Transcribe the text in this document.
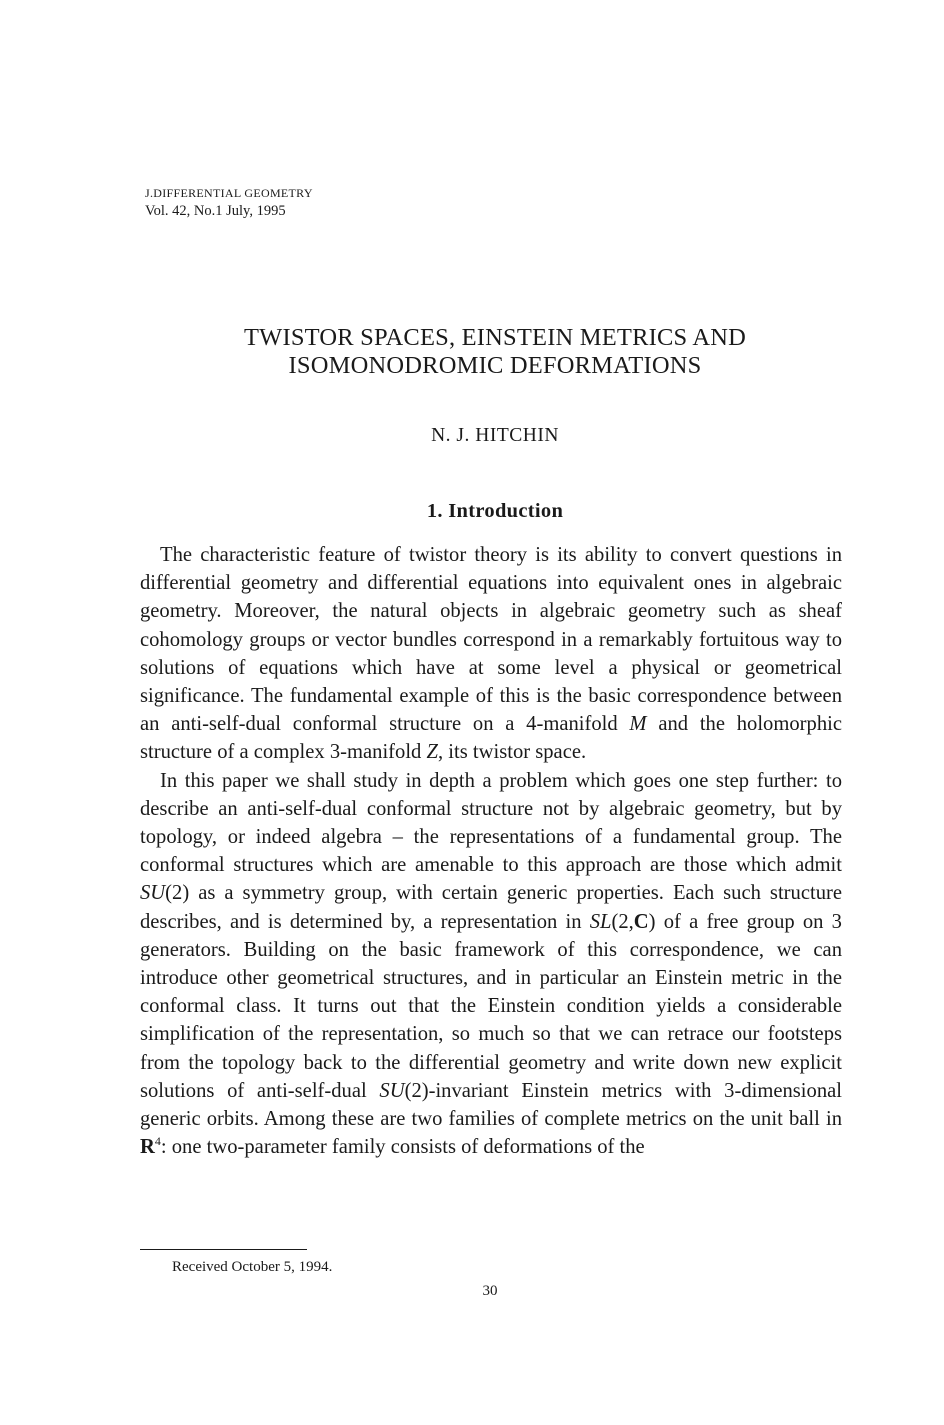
J.DIFFERENTIAL GEOMETRY
Vol. 42, No.1 July, 1995
TWISTOR SPACES, EINSTEIN METRICS AND
ISOMONODROMIC DEFORMATIONS
N. J. HITCHIN
1. Introduction

The characteristic feature of twistor theory is its ability to convert questions in differential geometry and differential equations into equivalent ones in algebraic geometry. Moreover, the natural objects in algebraic geometry such as sheaf cohomology groups or vector bundles correspond in a remarkably fortuitous way to solutions of equations which have at some level a physical or geometrical significance. The fundamental example of this is the basic correspondence between an anti-self-dual conformal structure on a 4-manifold M and the holomorphic structure of a complex 3-manifold Z, its twistor space.

In this paper we shall study in depth a problem which goes one step further: to describe an anti-self-dual conformal structure not by algebraic geometry, but by topology, or indeed algebra – the representations of a fundamental group. The conformal structures which are amenable to this approach are those which admit SU(2) as a symmetry group, with certain generic properties. Each such structure describes, and is determined by, a representation in SL(2,C) of a free group on 3 generators. Building on the basic framework of this correspondence, we can introduce other geometrical structures, and in particular an Einstein metric in the conformal class. It turns out that the Einstein condition yields a considerable simplification of the representation, so much so that we can retrace our footsteps from the topology back to the differential geometry and write down new explicit solutions of anti-self-dual SU(2)-invariant Einstein metrics with 3-dimensional generic orbits. Among these are two families of complete metrics on the unit ball in $R^4$: one two-parameter family consists of deformations of the

Received October 5, 1994.
30
